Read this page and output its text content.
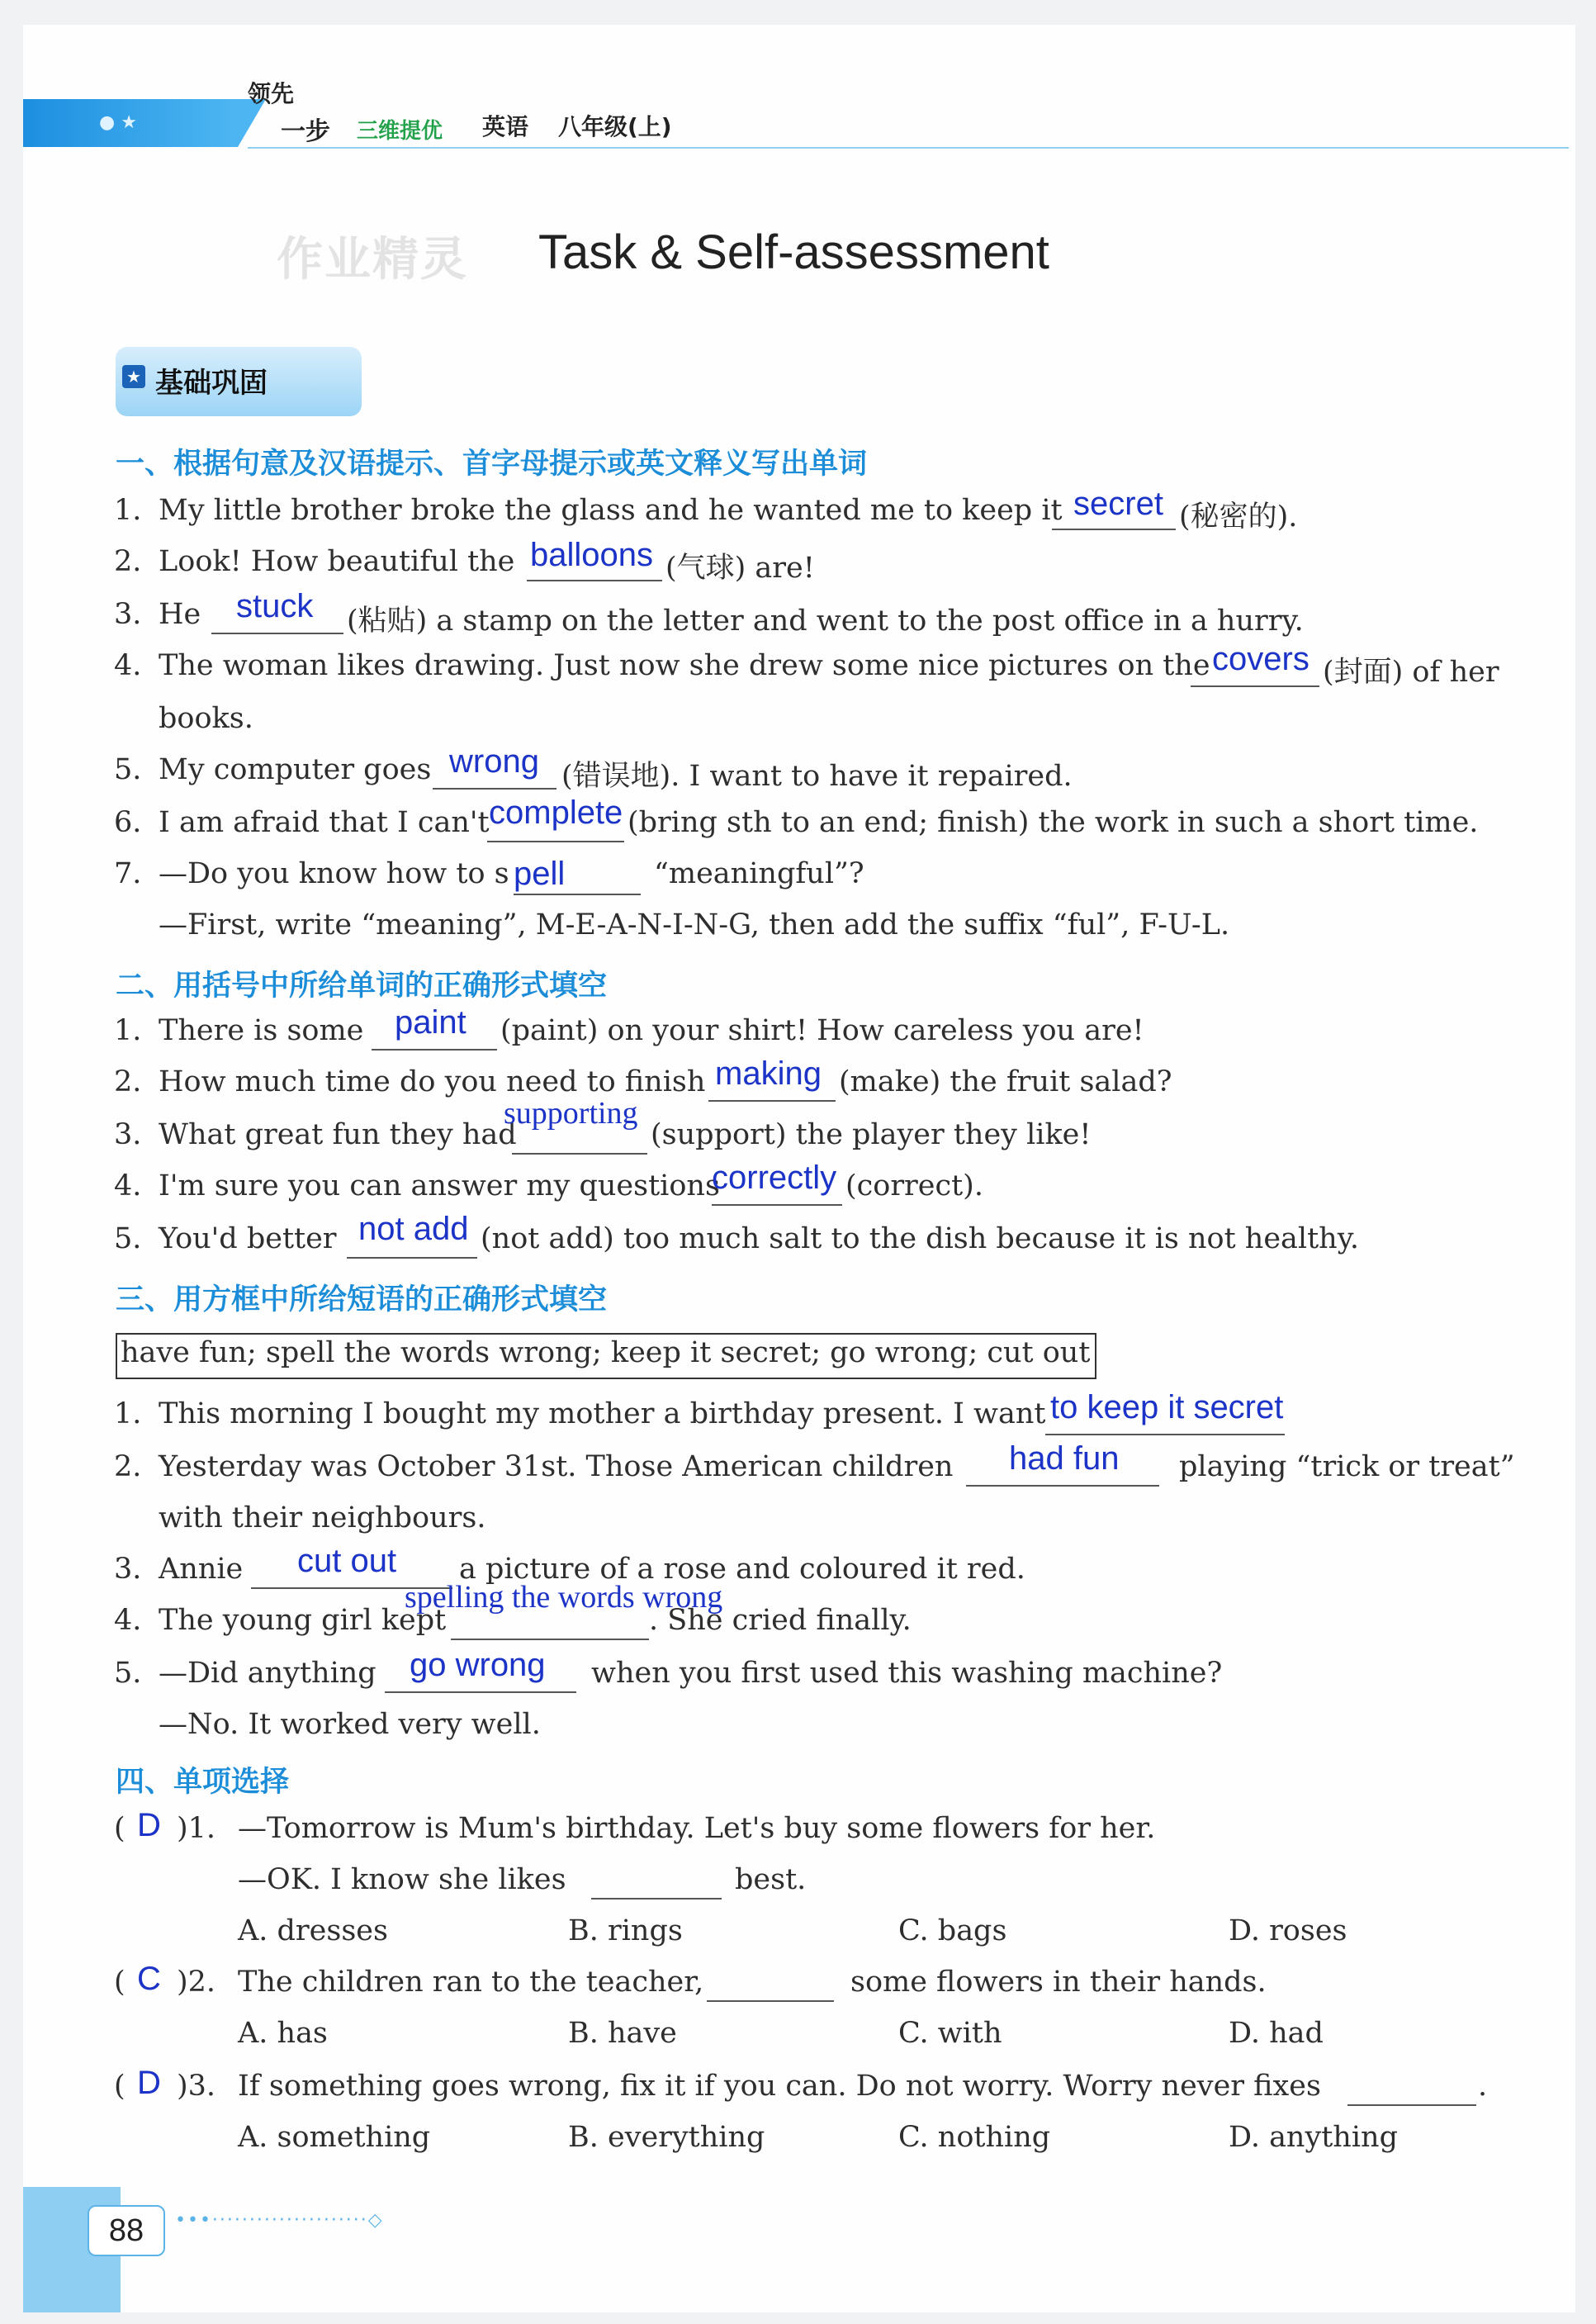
● ★
领先
一步 三维提优 英语 八年级(上)
作业精灵 Task & Self-assessment
★ 基础巩固
一、根据句意及汉语提示、首字母提示或英文释义写出单词
1. My little brother broke the glass and he wanted me to keep it secret (秘密的).
2. Look! How beautiful the balloons (气球) are!
3. He stuck (粘贴) a stamp on the letter and went to the post office in a hurry.
4. The woman likes drawing. Just now she drew some nice pictures on the covers (封面) of her
books.
5. My computer goes wrong (错误地). I want to have it repaired.
6. I am afraid that I can't complete (bring sth to an end; finish) the work in such a short time.
7. —Do you know how to s pell	“meaningful”?
—First, write “meaning”, M-E-A-N-I-N-G, then add the suffix “ful”, F-U-L.
二、用括号中所给单词的正确形式填空
1. There is some paint (paint) on your shirt! How careless you are!
2. How much time do you need to finish making (make) the fruit salad?
3. What great fun they had
supporting
(support) the player they like!
4. I'm sure you can answer my questions
correctly (correct).
5. You'd better not add (not add) too much salt to the dish because it is not healthy.
三、用方框中所给短语的正确形式填空
have fun; spell the words wrong; keep it secret; go wrong; cut out
1. This morning I bought my mother a birthday present. I want to keep it secret
2. Yesterday was October 31st. Those American children had fun playing “trick or treat”
with their neighbours.
3. Annie cut out a picture of a rose and coloured it red.
4. The young girl kept
spelling the words wrong
. She cried finally.
5. —Did anything go wrong when you first used this washing machine?
—No. It worked very well.
四、单项选择
( D )1. —Tomorrow is Mum's birthday. Let's buy some flowers for her.
—OK. I know she likes	best.
A. dresses	B. rings	C. bags	D. roses
( C )2. The children ran to the teacher,	some flowers in their hands.
A. has	B. have	C. with	D. had
( D )3. If something goes wrong, fix it if you can. Do not worry. Worry never fixes	.
A. something	B. everything	C. nothing	D. anything
88	•••·····················◇
